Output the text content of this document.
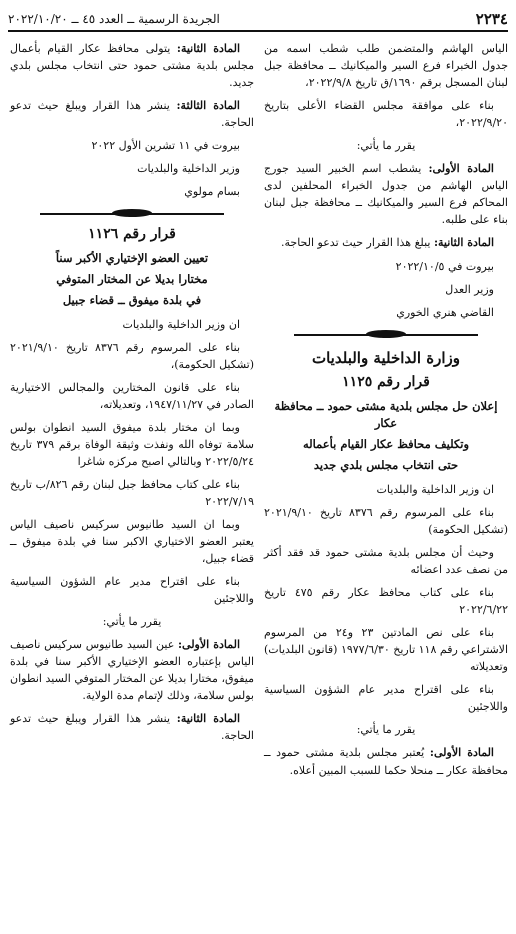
٢٢٣٤
الجريدة الرسمية ــ العدد ٤٥ ــ ٢٠٢٢/١٠/٢٠

الياس الهاشم والمتضمن طلب شطب اسمه من جدول الخبراء فرع السير والميكانيك ــ محافظة جبل لبنان المسجل برقم ١٦٩٠/ق تاريخ ٢٠٢٢/٩/٨،

بناء على موافقة مجلس القضاء الأعلى بتاريخ ٢٠٢٢/٩/٢٠،

يقرر ما يأتي:

المادة الأولى: يشطب اسم الخبير السيد جورج الياس الهاشم من جدول الخبراء المحلفين لدى المحاكم فرع السير والميكانيك ــ محافظة جبل لبنان بناء على طلبه.

المادة الثانية: يبلغ هذا القرار حيث تدعو الحاجة.

بيروت في ٢٠٢٢/١٠/٥

وزير العدل

القاضي هنري الخوري

وزارة الداخلية والبلديات
قرار رقم ١١٢٥
إعلان حل مجلس بلدية مشتى حمود ــ محافظة عكار
وتكليف محافظ عكار القيام بأعماله
حتى انتخاب مجلس بلدي جديد

ان وزير الداخلية والبلديات

بناء على المرسوم رقم ٨٣٧٦ تاريخ ٢٠٢١/٩/١٠ (تشكيل الحكومة)

وحيث أن مجلس بلدية مشتى حمود قد فقد أكثر من نصف عدد اعضائه

بناء على كتاب محافظ عكار رقم ٤٧٥ تاريخ ٢٠٢٢/٦/٢٢

بناء على نص المادتين ٢٣ و٢٤ من المرسوم الاشتراعي رقم ١١٨ تاريخ ١٩٧٧/٦/٣٠ (قانون البلديات) وتعديلاته

بناء على اقتراح مدير عام الشؤون السياسية واللاجئين

يقرر ما يأتي:

المادة الأولى: يُعتبر مجلس بلدية مشتى حمود ــ محافظة عكار ــ منحلا حكما للسبب المبين أعلاه.

المادة الثانية: يتولى محافظ عكار القيام بأعمال مجلس بلدية مشتى حمود حتى انتخاب مجلس بلدي جديد.

المادة الثالثة: ينشر هذا القرار ويبلغ حيث تدعو الحاجة.

بيروت في ١١ تشرين الأول ٢٠٢٢

وزير الداخلية والبلديات

بسام مولوي

قرار رقم ١١٢٦
تعيين العضو الإختياري الأكبر سناً
مختارا بديلا عن المختار المتوفي
في بلدة ميفوق ــ قضاء جبيل

ان وزير الداخلية والبلديات

بناء على المرسوم رقم ٨٣٧٦ تاريخ ٢٠٢١/٩/١٠ (تشكيل الحكومة)،

بناء على قانون المختارين والمجالس الاختيارية الصادر في ١٩٤٧/١١/٢٧، وتعديلاته،

وبما ان مختار بلدة ميفوق السيد انطوان بولس سلامة توفاه الله ونفذت وثيقة الوفاة برقم ٣٧٩ تاريخ ٢٠٢٢/٥/٢٤ وبالتالي اصبح مركزه شاغرا

بناء على كتاب محافظ جبل لبنان رقم ٨٢٦/ب تاريخ ٢٠٢٢/٧/١٩

وبما ان السيد طانيوس سركيس ناصيف الياس يعتبر العضو الاختياري الاكبر سنا في بلدة ميفوق ــ قضاء جبيل،

بناء على اقتراح مدير عام الشؤون السياسية واللاجئين

يقرر ما يأتي:

المادة الأولى: عين السيد طانيوس سركيس ناصيف الياس بإعتباره العضو الإختياري الأكبر سنا في بلدة ميفوق، مختارا بديلا عن المختار المتوفي السيد انطوان بولس سلامة، وذلك لإتمام مدة الولاية.

المادة الثانية: ينشر هذا القرار ويبلغ حيث تدعو الحاجة.
